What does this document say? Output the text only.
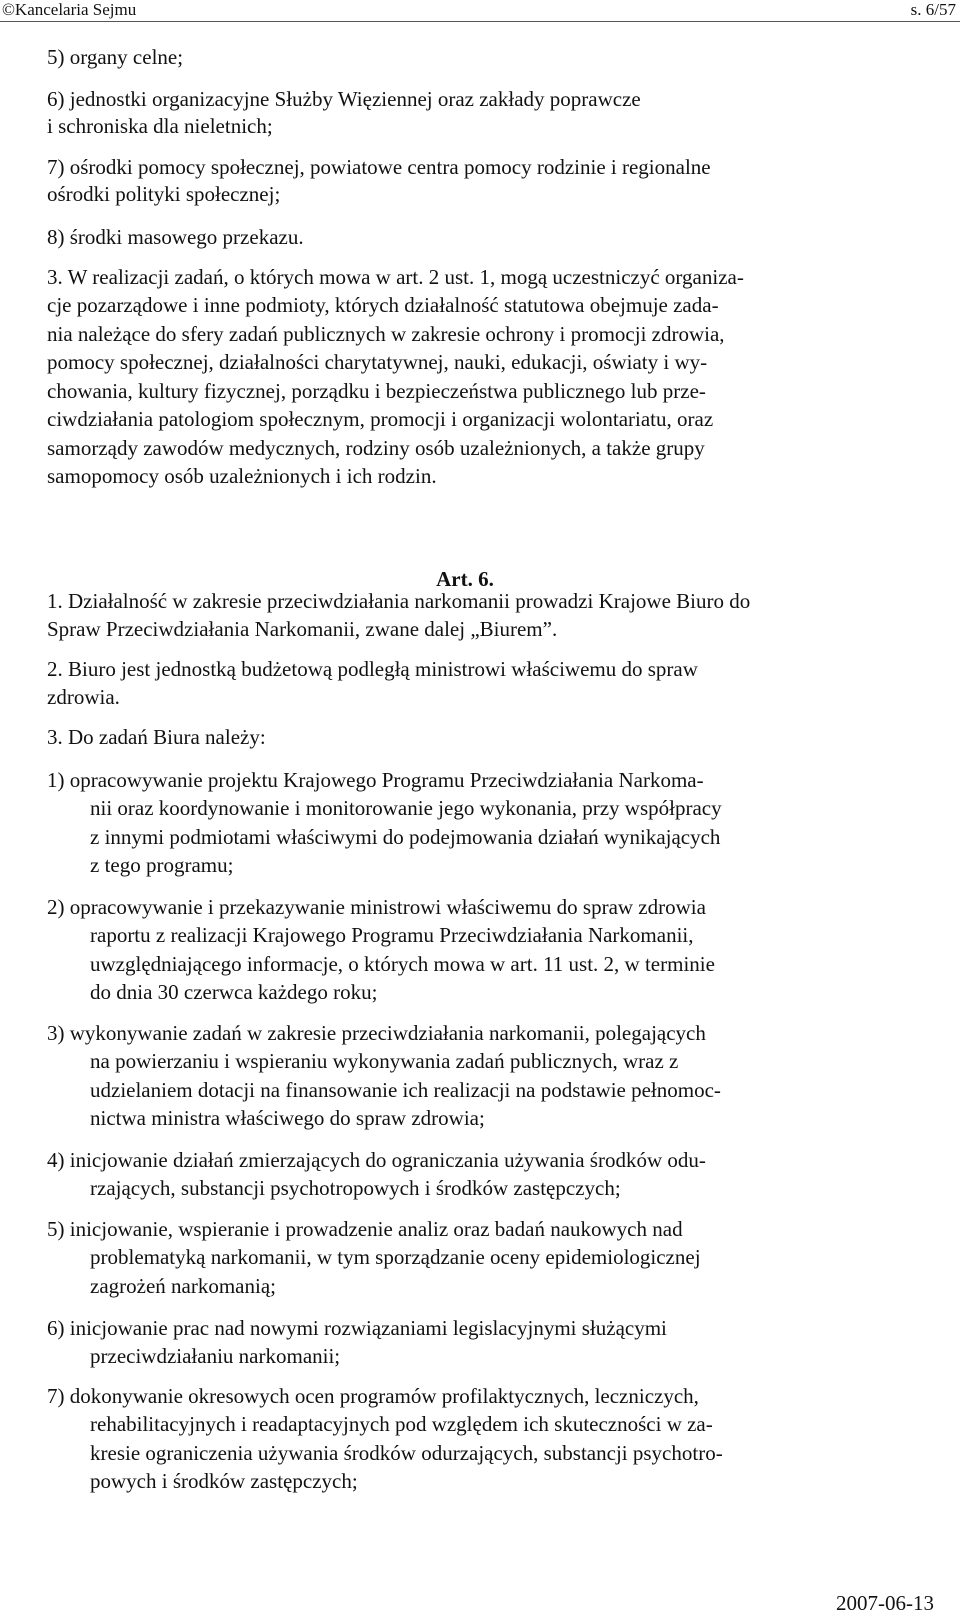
©Kancelaria Sejmu	s. 6/57
5) organy celne;
6) jednostki organizacyjne Służby Więziennej oraz zakłady poprawcze
i schroniska dla nieletnich;
7) ośrodki pomocy społecznej, powiatowe centra pomocy rodzinie i regionalne
ośrodki polityki społecznej;
8) środki masowego przekazu.
3. W realizacji zadań, o których mowa w art. 2 ust. 1, mogą uczestniczyć organiza-
cje pozarządowe i inne podmioty, których działalność statutowa obejmuje zada-
nia należące do sfery zadań publicznych w zakresie ochrony i promocji zdrowia,
pomocy społecznej, działalności charytatywnej, nauki, edukacji, oświaty i wy-
chowania, kultury fizycznej, porządku i bezpieczeństwa publicznego lub prze-
ciwdziałania patologiom społecznym, promocji i organizacji wolontariatu, oraz
samorządy zawodów medycznych, rodziny osób uzależnionych, a także grupy
samopomocy osób uzależnionych i ich rodzin.
Art. 6.
1. Działalność w zakresie przeciwdziałania narkomanii prowadzi Krajowe Biuro do
Spraw Przeciwdziałania Narkomanii, zwane dalej „Biurem”.
2. Biuro jest jednostką budżetową podległą ministrowi właściwemu do spraw
zdrowia.
3. Do zadań Biura należy:
1) opracowywanie projektu Krajowego Programu Przeciwdziałania Narkoma-
nii oraz koordynowanie i monitorowanie jego wykonania, przy współpracy
z innymi podmiotami właściwymi do podejmowania działań wynikających
z tego programu;
2) opracowywanie i przekazywanie ministrowi właściwemu do spraw zdrowia
raportu z realizacji Krajowego Programu Przeciwdziałania Narkomanii,
uwzględniającego informacje, o których mowa w art. 11 ust. 2, w terminie
do dnia 30 czerwca każdego roku;
3) wykonywanie zadań w zakresie przeciwdziałania narkomanii, polegających
na powierzaniu i wspieraniu wykonywania zadań publicznych, wraz z
udzielaniem dotacji na finansowanie ich realizacji na podstawie pełnomoc-
nictwa ministra właściwego do spraw zdrowia;
4) inicjowanie działań zmierzających do ograniczania używania środków odu-
rzających, substancji psychotropowych i środków zastępczych;
5) inicjowanie, wspieranie i prowadzenie analiz oraz badań naukowych nad
problematyką narkomanii, w tym sporządzanie oceny epidemiologicznej
zagrożeń narkomanią;
6) inicjowanie prac nad nowymi rozwiązaniami legislacyjnymi służącymi
przeciwdziałaniu narkomanii;
7) dokonywanie okresowych ocen programów profilaktycznych, leczniczych,
rehabilitacyjnych i readaptacyjnych pod względem ich skuteczności w za-
kresie ograniczenia używania środków odurzających, substancji psychotro-
powych i środków zastępczych;
2007-06-13
